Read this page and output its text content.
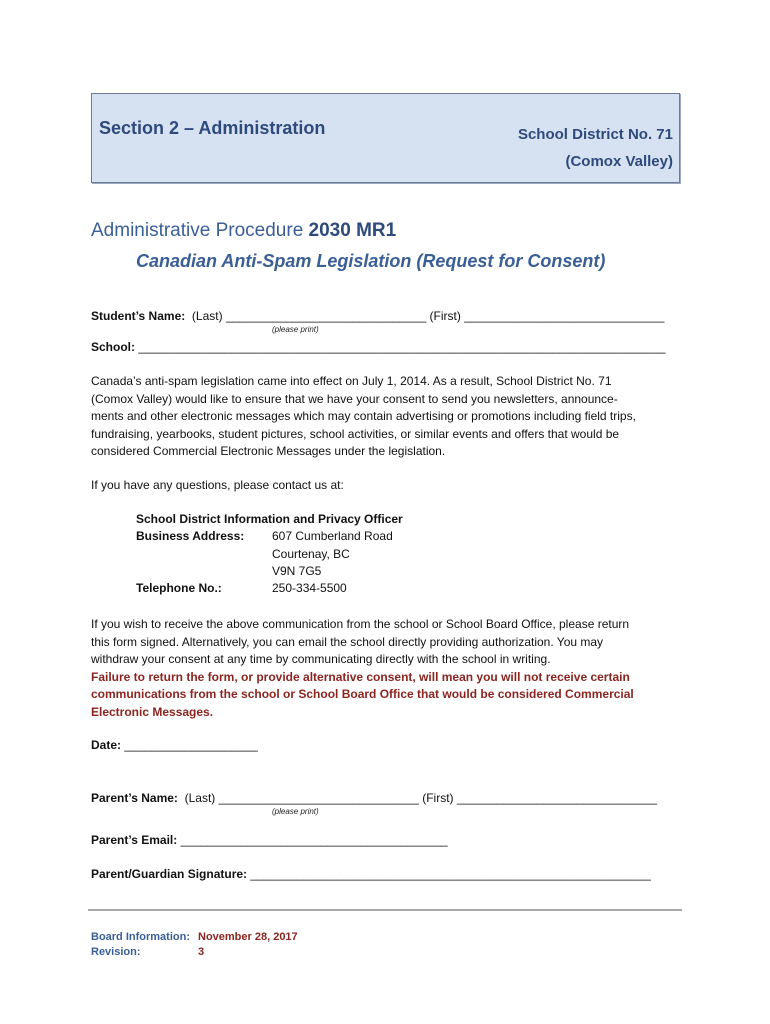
Section 2 – Administration	School District No. 71
(Comox Valley)
Administrative Procedure 2030 MR1
Canadian Anti-Spam Legislation (Request for Consent)
Student’s Name: (Last) ______________________________ (First) ______________________________
(please print)
School: _______________________________________________________________________________
Canada’s anti-spam legislation came into effect on July 1, 2014. As a result, School District No. 71
(Comox Valley) would like to ensure that we have your consent to send you newsletters, announce-
ments and other electronic messages which may contain advertising or promotions including field trips,
fundraising, yearbooks, student pictures, school activities, or similar events and offers that would be
considered Commercial Electronic Messages under the legislation.
If you have any questions, please contact us at:
School District Information and Privacy Officer
Business Address: 607 Cumberland Road
Courtenay, BC
V9N 7G5
Telephone No.:	250-334-5500
If you wish to receive the above communication from the school or School Board Office, please return
this form signed. Alternatively, you can email the school directly providing authorization. You may
withdraw your consent at any time by communicating directly with the school in writing.
Failure to return the form, or provide alternative consent, will mean you will not receive certain
communications from the school or School Board Office that would be considered Commercial
Electronic Messages.
Date: ____________________
Parent’s Name: (Last) ______________________________ (First) ______________________________
(please print)
Parent’s Email: ________________________________________
Parent/Guardian Signature: ____________________________________________________________
Board Information: November 28, 2017
Revision:	3
